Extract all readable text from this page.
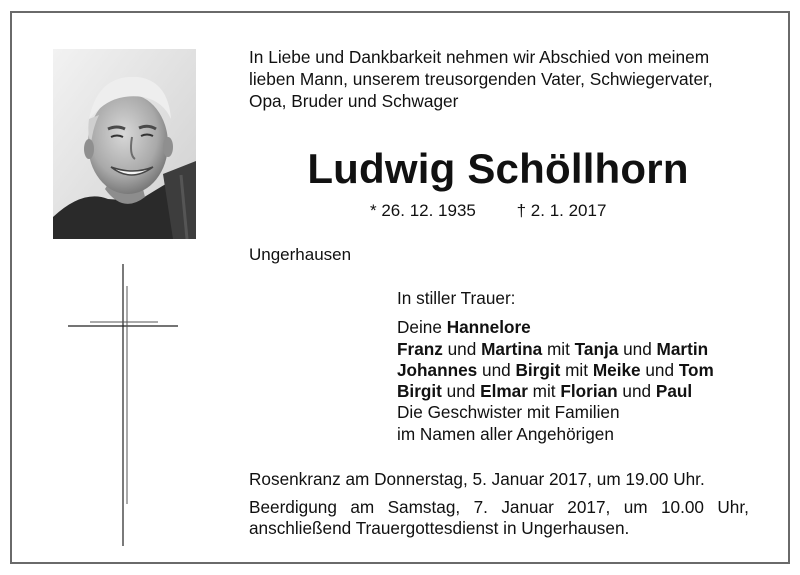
In Liebe und Dankbarkeit nehmen wir Abschied von meinem
lieben Mann, unserem treusorgenden Vater, Schwiegervater,
Opa, Bruder und Schwager
Ludwig Schöllhorn
* 26. 12. 1935 † 2. 1. 2017
Ungerhausen
In stiller Trauer:
Deine Hannelore
Franz und Martina mit Tanja und Martin
Johannes und Birgit mit Meike und Tom
Birgit und Elmar mit Florian und Paul
Die Geschwister mit Familien
im Namen aller Angehörigen
Rosenkranz am Donnerstag, 5. Januar 2017, um 19.00 Uhr.
Beerdigung am Samstag, 7. Januar 2017, um 10.00 Uhr,
anschließend Trauergottesdienst in Ungerhausen.
